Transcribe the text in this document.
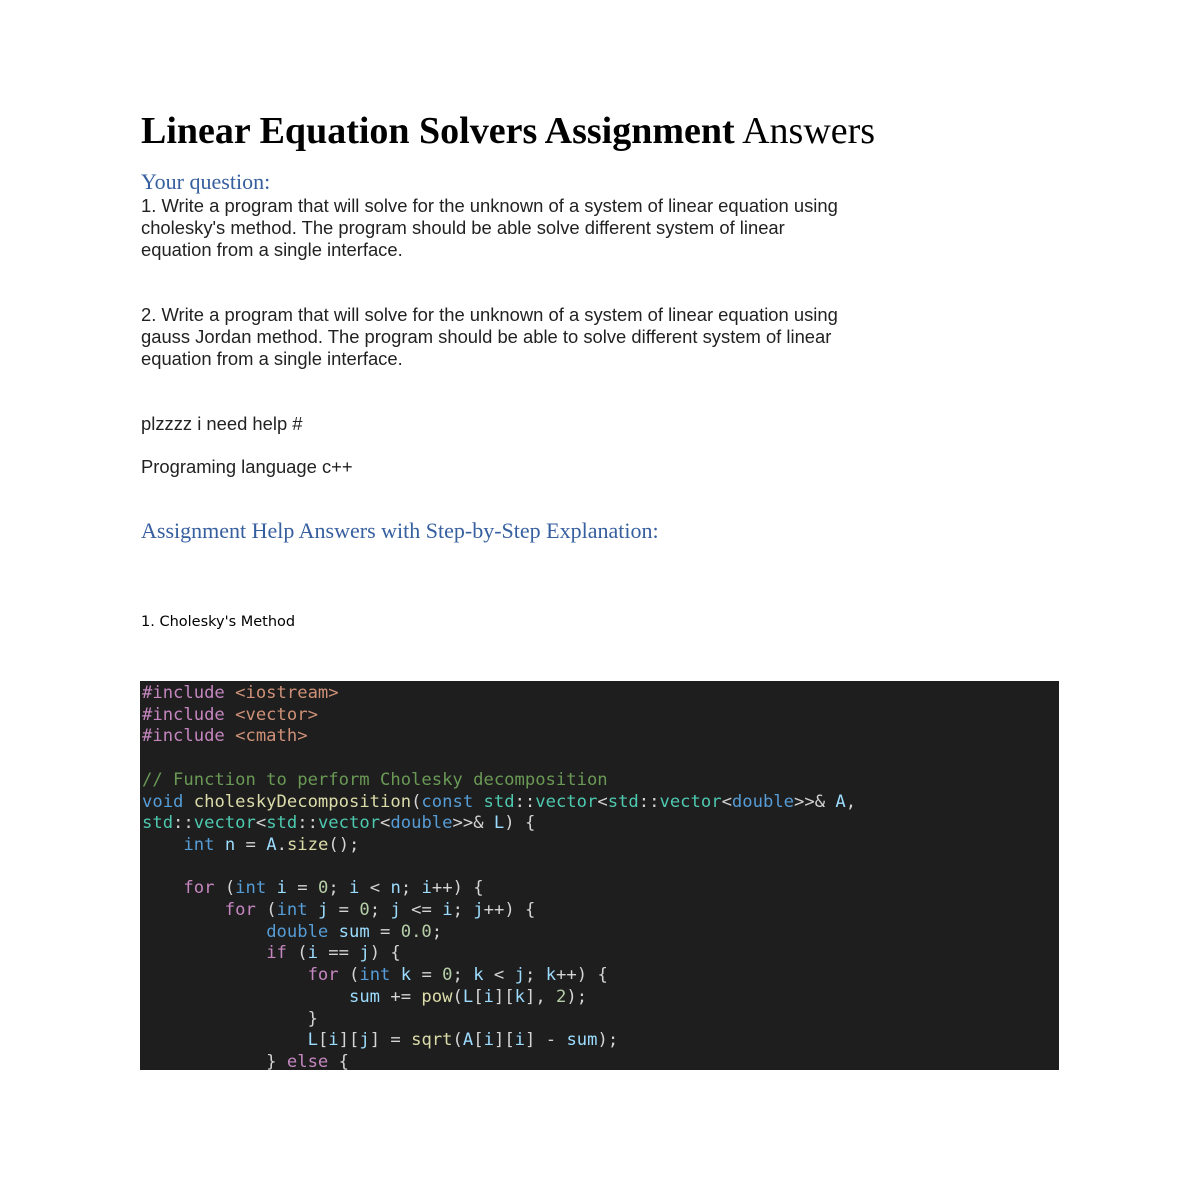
Linear Equation Solvers Assignment Answers
Your question:

1. Write a program that will solve for the unknown of a system of linear equation using
cholesky's method. The program should be able solve different system of linear
equation from a single interface.

2. Write a program that will solve for the unknown of a system of linear equation using
gauss Jordan method. The program should be able to solve different system of linear
equation from a single interface.

plzzzz i need help #

Programing language c++

Assignment Help Answers with Step-by-Step Explanation:

1. Cholesky's Method

#include <iostream>
#include <vector>
#include <cmath>
// Function to perform Cholesky decomposition
void choleskyDecomposition(const std::vector<std::vector<double>>& A,
std::vector<std::vector<double>>& L) {
int n = A.size();
for (int i = 0; i < n; i++) {
for (int j = 0; j <= i; j++) {
double sum = 0.0;
if (i == j) {
for (int k = 0; k < j; k++) {
sum += pow(L[i][k], 2);
}
L[i][j] = sqrt(A[i][i] - sum);
} else {
